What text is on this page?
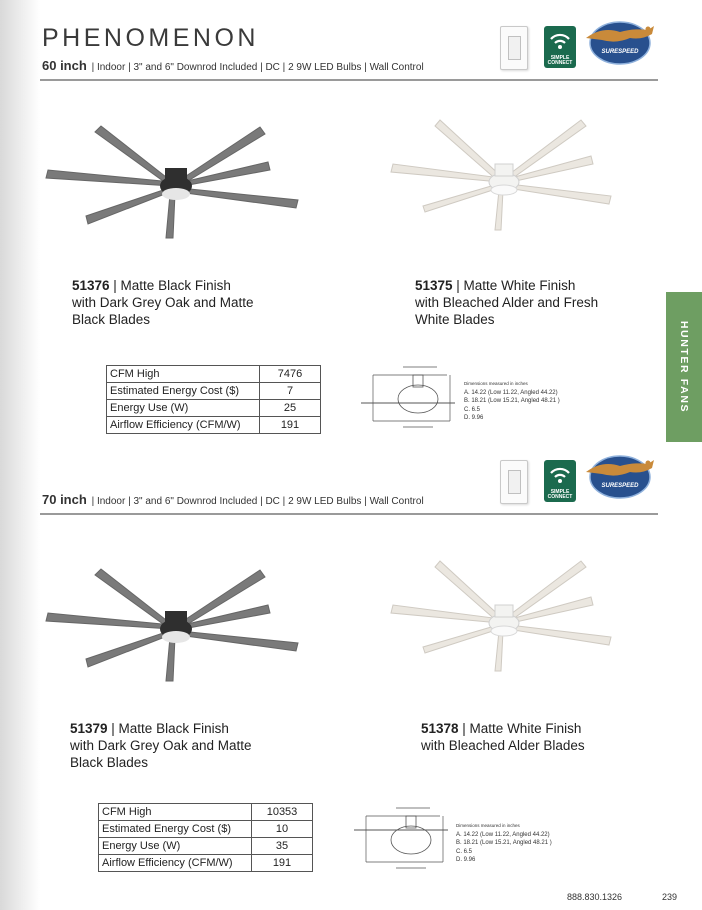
PHENOMENON
60 inch | Indoor | 3" and 6" Downrod Included | DC | 2 9W LED Bulbs | Wall Control
SIMPLE CONNECT
SURESPEED
51376 | Matte Black Finish
with Dark Grey Oak and Matte
Black Blades
51375 | Matte White Finish
with Bleached Alder and Fresh
White Blades
CFM High	7476
Estimated Energy Cost ($)	7
Energy Use (W)	25
Airflow Efficiency (CFM/W)	191
Dimensions measured in inches
A. 14.22 (Low 11.22, Angled 44.22)
B. 18.21 (Low 15.21, Angled 48.21 )
C. 6.5
D. 9.96
SIMPLE CONNECT
SURESPEED
70 inch | Indoor | 3" and 6" Downrod Included | DC | 2 9W LED Bulbs | Wall Control
51379 | Matte Black Finish
with Dark Grey Oak and Matte
Black Blades
51378 | Matte White Finish
with Bleached Alder Blades
CFM High	10353
Estimated Energy Cost ($)	10
Energy Use (W)	35
Airflow Efficiency (CFM/W)	191
Dimensions measured in inches
A. 14.22 (Low 11.22, Angled 44.22)
B. 18.21 (Low 15.21, Angled 48.21 )
C. 6.5
D. 9.96
HUNTER FANS
888.830.1326	239
